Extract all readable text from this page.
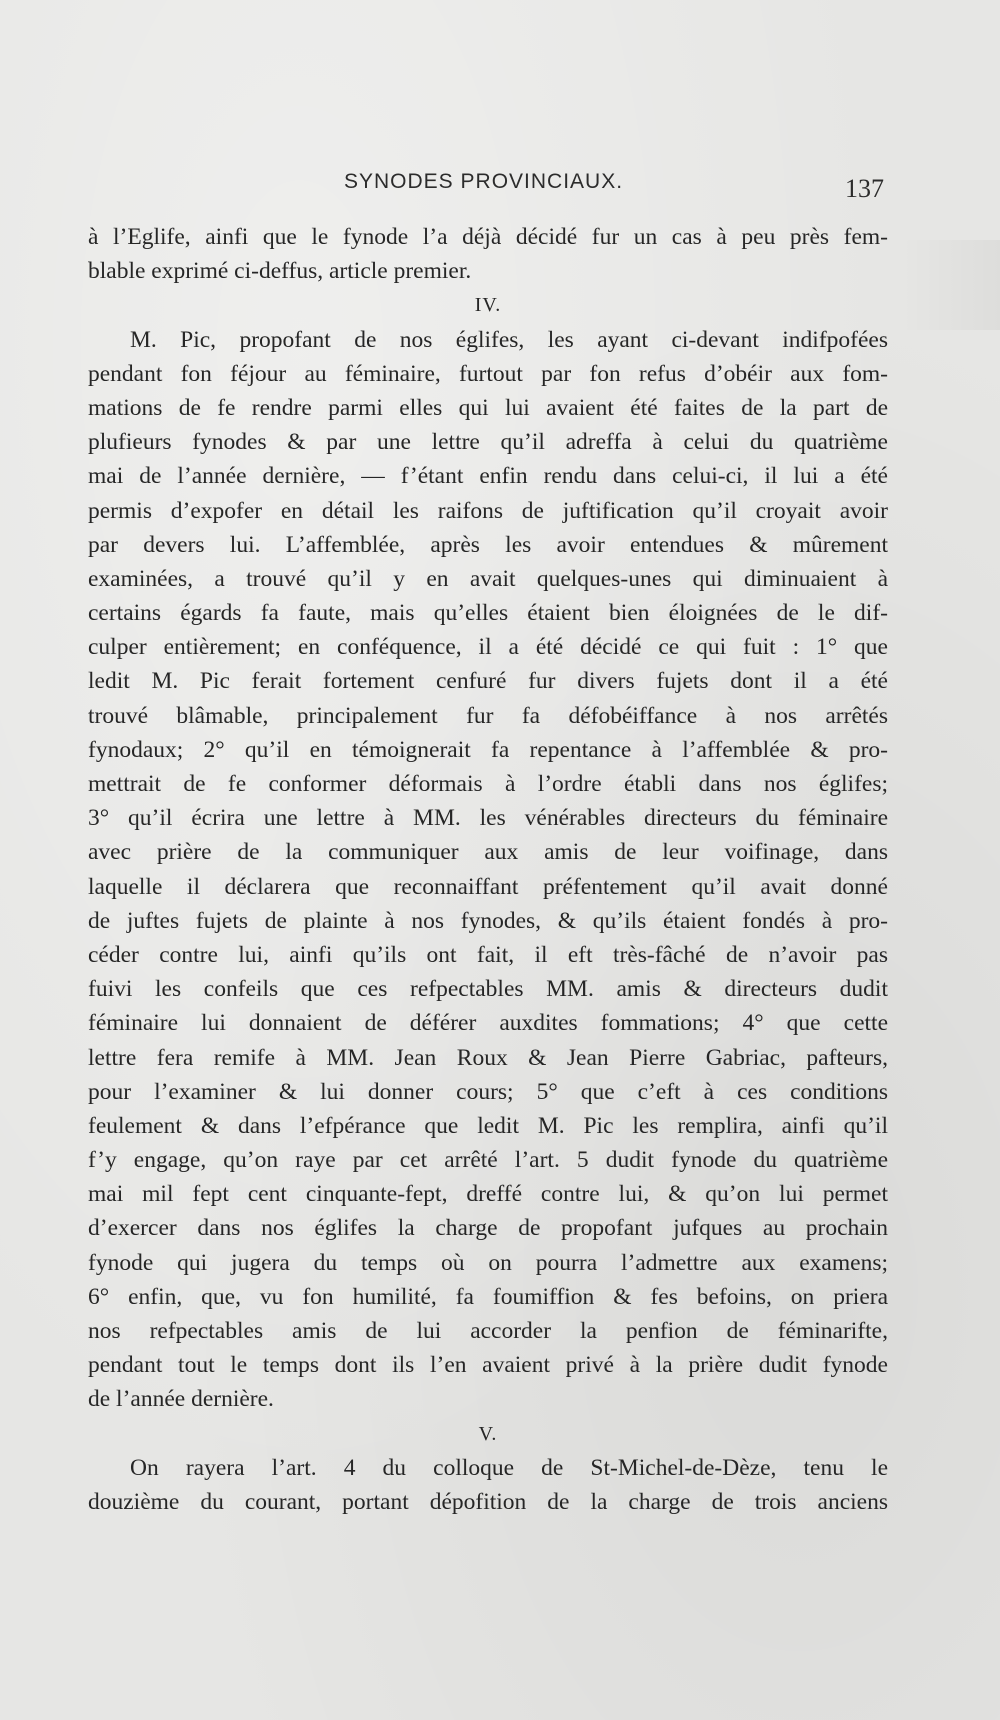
SYNODES PROVINCIAUX.	137
à l’Eglife, ainfi que le fynode l’a déjà décidé fur un cas à peu près fem-
blable exprimé ci-deffus, article premier.
IV.
M. Pic, propofant de nos églifes, les ayant ci-devant indifpofées
pendant fon féjour au féminaire, furtout par fon refus d’obéir aux fom-
mations de fe rendre parmi elles qui lui avaient été faites de la part de
plufieurs fynodes & par une lettre qu’il adreffa à celui du quatrième
mai de l’année dernière, — f’étant enfin rendu dans celui-ci, il lui a été
permis d’expofer en détail les raifons de juftification qu’il croyait avoir
par devers lui. L’affemblée, après les avoir entendues & mûrement
examinées, a trouvé qu’il y en avait quelques-unes qui diminuaient à
certains égards fa faute, mais qu’elles étaient bien éloignées de le dif-
culper entièrement; en conféquence, il a été décidé ce qui fuit : 1° que
ledit M. Pic ferait fortement cenfuré fur divers fujets dont il a été
trouvé blâmable, principalement fur fa défobéiffance à nos arrêtés
fynodaux; 2° qu’il en témoignerait fa repentance à l’affemblée & pro-
mettrait de fe conformer déformais à l’ordre établi dans nos églifes;
3° qu’il écrira une lettre à MM. les vénérables directeurs du féminaire
avec prière de la communiquer aux amis de leur voifinage, dans
laquelle il déclarera que reconnaiffant préfentement qu’il avait donné
de juftes fujets de plainte à nos fynodes, & qu’ils étaient fondés à pro-
céder contre lui, ainfi qu’ils ont fait, il eft très-fâché de n’avoir pas
fuivi les confeils que ces refpectables MM. amis & directeurs dudit
féminaire lui donnaient de déférer auxdites fommations; 4° que cette
lettre fera remife à MM. Jean Roux & Jean Pierre Gabriac, pafteurs,
pour l’examiner & lui donner cours; 5° que c’eft à ces conditions
feulement & dans l’efpérance que ledit M. Pic les remplira, ainfi qu’il
f’y engage, qu’on raye par cet arrêté l’art. 5 dudit fynode du quatrième
mai mil fept cent cinquante-fept, dreffé contre lui, & qu’on lui permet
d’exercer dans nos églifes la charge de propofant jufques au prochain
fynode qui jugera du temps où on pourra l’admettre aux examens;
6° enfin, que, vu fon humilité, fa foumiffion & fes befoins, on priera
nos refpectables amis de lui accorder la penfion de féminarifte,
pendant tout le temps dont ils l’en avaient privé à la prière dudit fynode
de l’année dernière.
V.
On rayera l’art. 4 du colloque de St-Michel-de-Dèze, tenu le
douzième du courant, portant dépofition de la charge de trois anciens
